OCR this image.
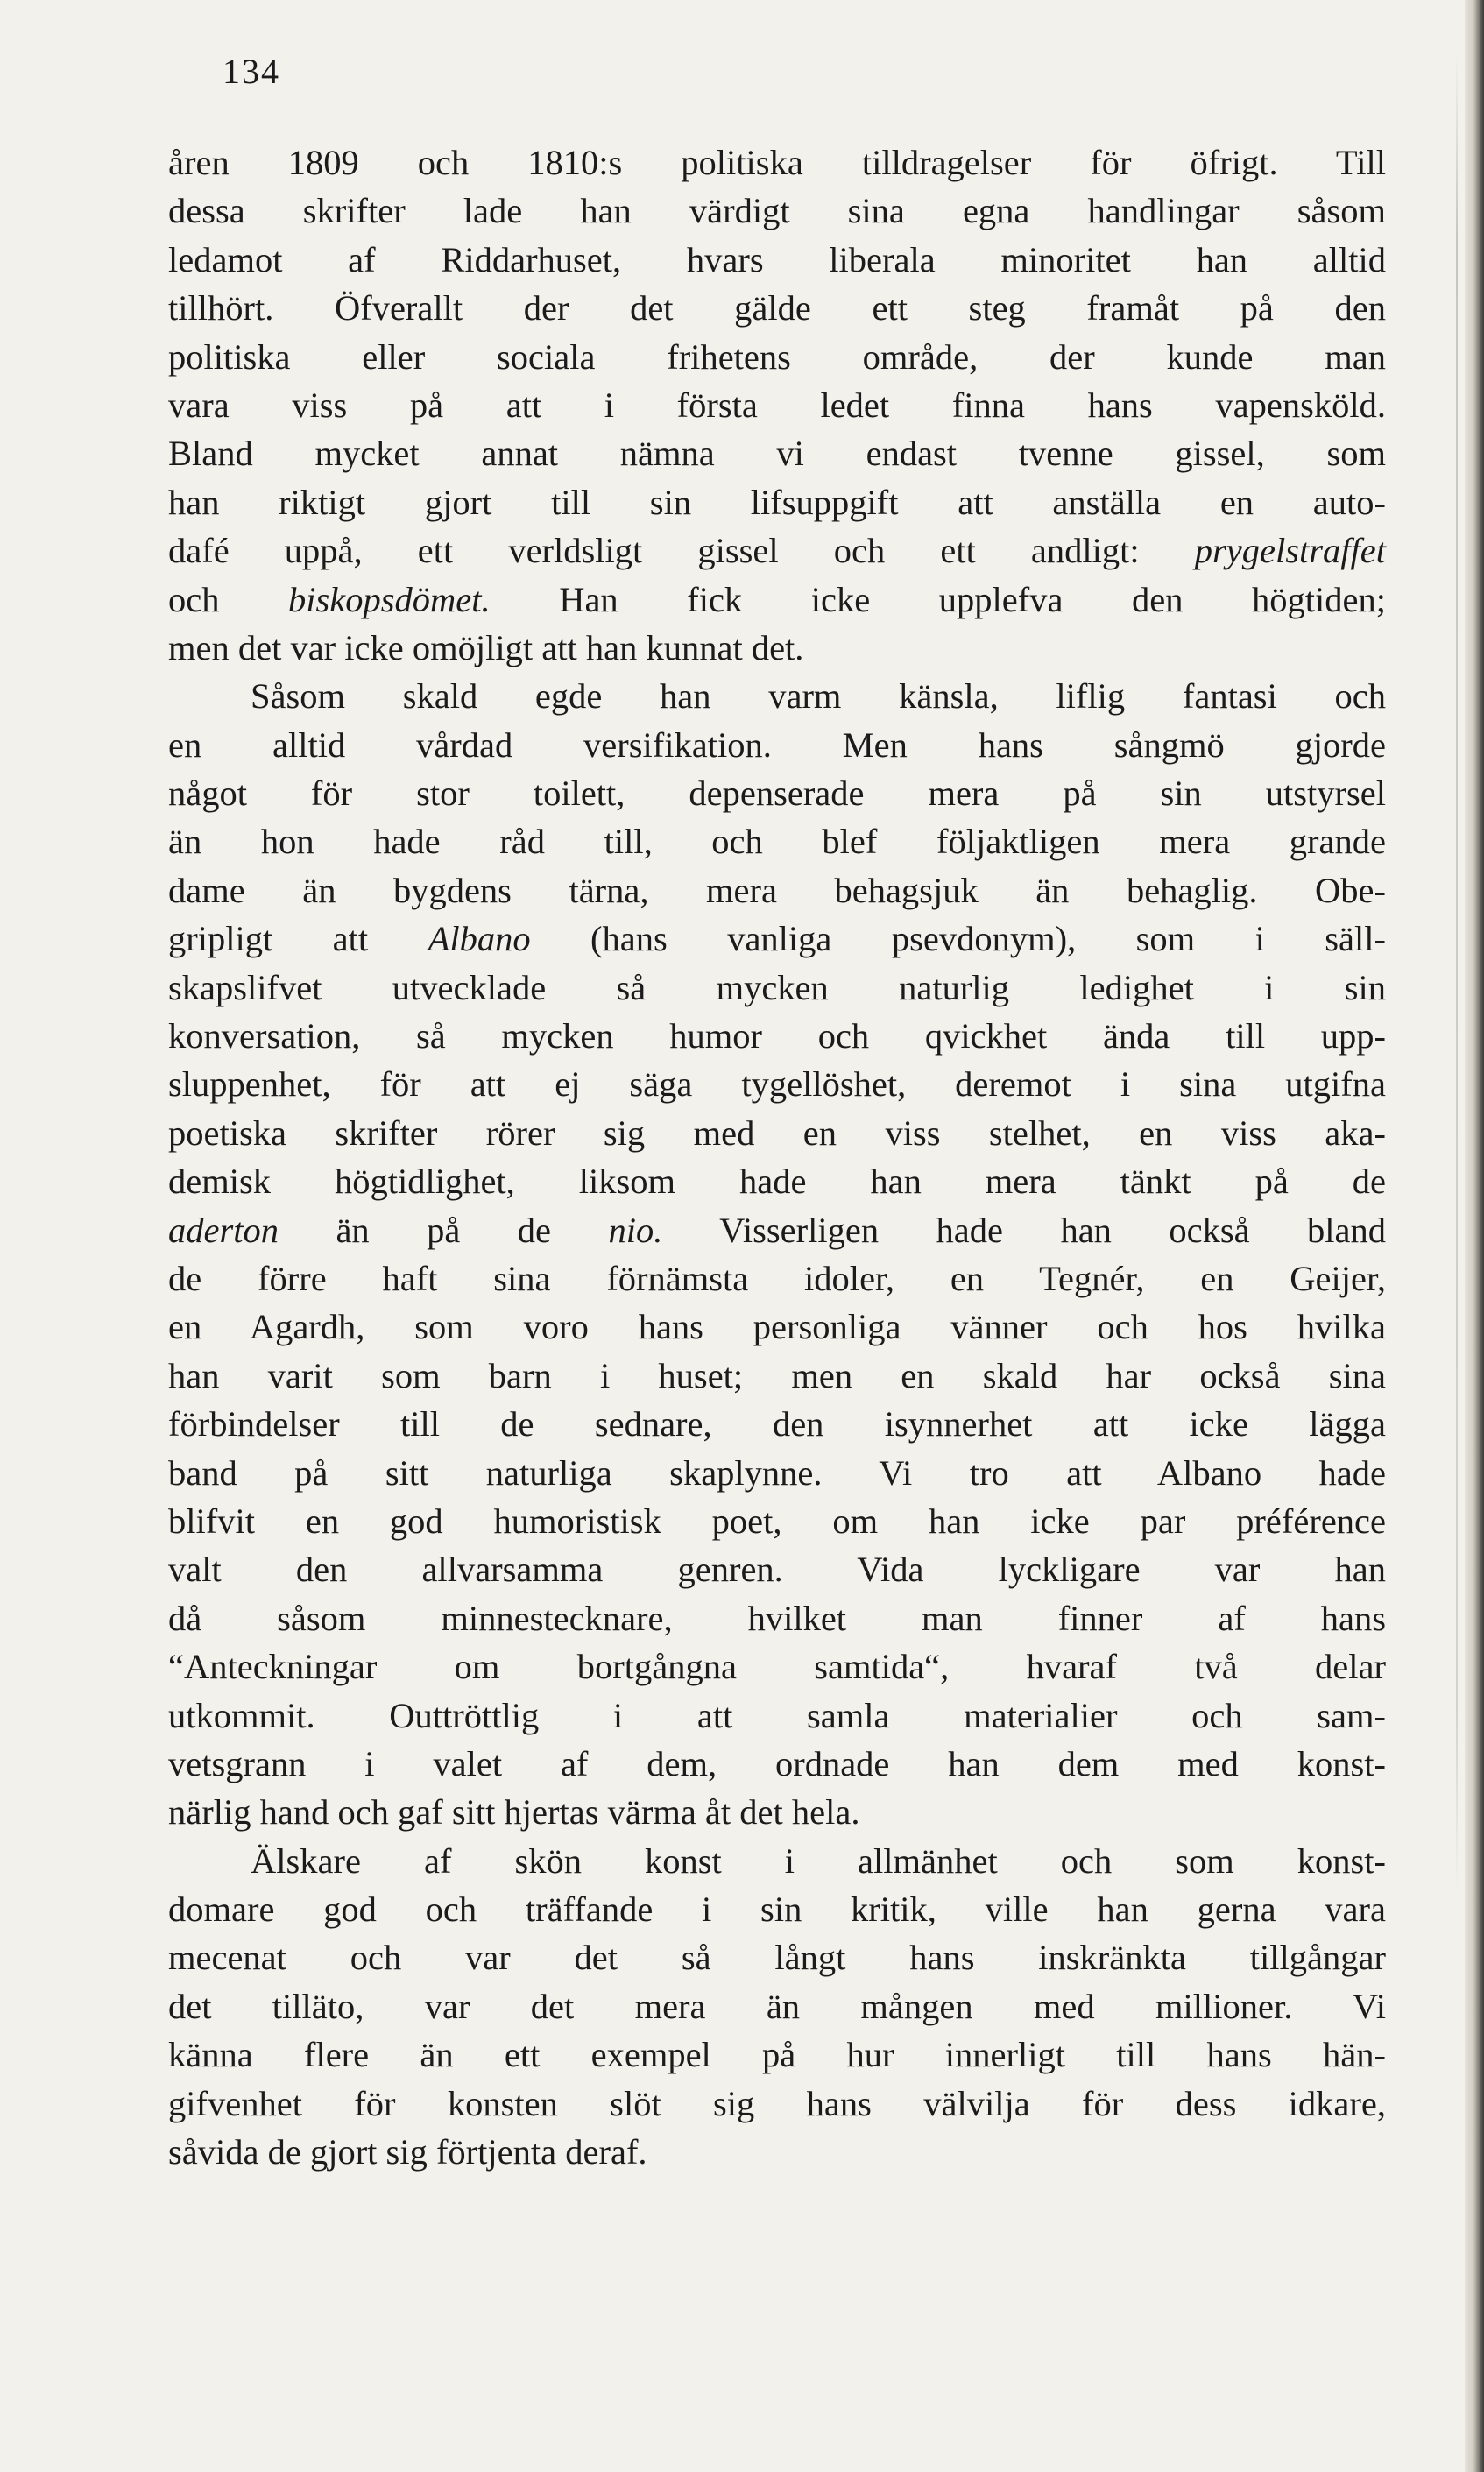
134
åren 1809 och 1810:s politiska tilldragelser för öfrigt. Till
dessa skrifter lade han värdigt sina egna handlingar såsom
ledamot af Riddarhuset, hvars liberala minoritet han alltid
tillhört. Öfverallt der det gälde ett steg framåt på den
politiska eller sociala frihetens område, der kunde man
vara viss på att i första ledet finna hans vapensköld.
Bland mycket annat nämna vi endast tvenne gissel, som
han riktigt gjort till sin lifsuppgift att anställa en auto-
dafé uppå, ett verldsligt gissel och ett andligt: prygelstraffet
och biskopsdömet. Han fick icke upplefva den högtiden;
men det var icke omöjligt att han kunnat det.
Såsom skald egde han varm känsla, liflig fantasi och
en alltid vårdad versifikation. Men hans sångmö gjorde
något för stor toilett, depenserade mera på sin utstyrsel
än hon hade råd till, och blef följaktligen mera grande
dame än bygdens tärna, mera behagsjuk än behaglig. Obe-
gripligt att Albano (hans vanliga psevdonym), som i säll-
skapslifvet utvecklade så mycken naturlig ledighet i sin
konversation, så mycken humor och qvickhet ända till upp-
sluppenhet, för att ej säga tygellöshet, deremot i sina utgifna
poetiska skrifter rörer sig med en viss stelhet, en viss aka-
demisk högtidlighet, liksom hade han mera tänkt på de
aderton än på de nio. Visserligen hade han också bland
de förre haft sina förnämsta idoler, en Tegnér, en Geijer,
en Agardh, som voro hans personliga vänner och hos hvilka
han varit som barn i huset; men en skald har också sina
förbindelser till de sednare, den isynnerhet att icke lägga
band på sitt naturliga skaplynne. Vi tro att Albano hade
blifvit en god humoristisk poet, om han icke par préférence
valt den allvarsamma genren. Vida lyckligare var han
då såsom minnestecknare, hvilket man finner af hans
“Anteckningar om bortgångna samtida“, hvaraf två delar
utkommit. Outtröttlig i att samla materialier och sam-
vetsgrann i valet af dem, ordnade han dem med konst-
närlig hand och gaf sitt hjertas värma åt det hela.
Älskare af skön konst i allmänhet och som konst-
domare god och träffande i sin kritik, ville han gerna vara
mecenat och var det så långt hans inskränkta tillgångar
det tilläto, var det mera än mången med millioner. Vi
känna flere än ett exempel på hur innerligt till hans hän-
gifvenhet för konsten slöt sig hans välvilja för dess idkare,
såvida de gjort sig förtjenta deraf.
